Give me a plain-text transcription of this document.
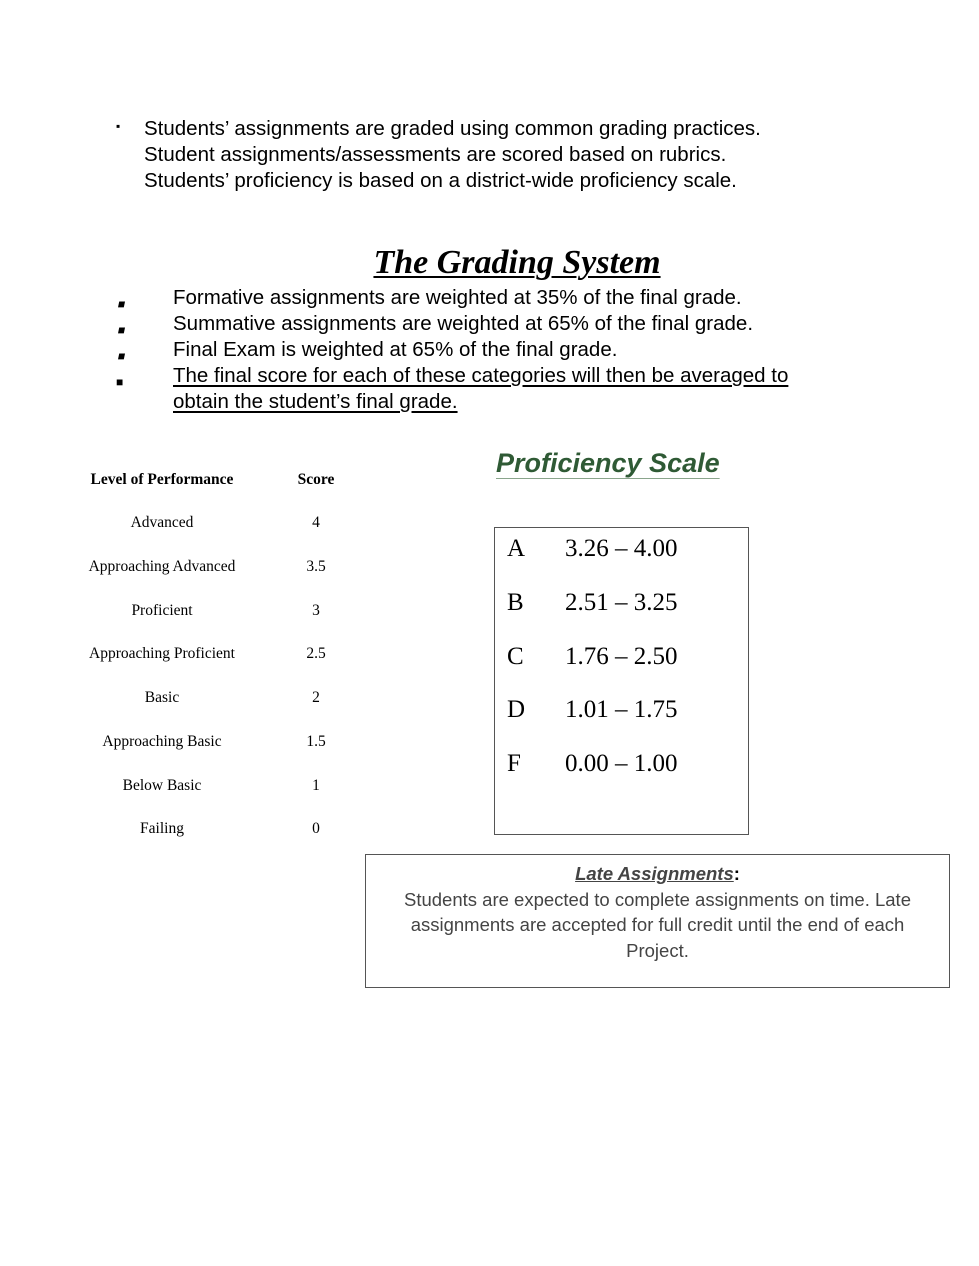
▪ Students’ assignments are graded using common grading practices.
Student assignments/assessments are scored based on rubrics.
Students’ proficiency is based on a district-wide proficiency scale.
The Grading System
■ Formative assignments are weighted at 35% of the final grade.
■ Summative assignments are weighted at 65% of the final grade.
■ Final Exam is weighted at 65% of the final grade.
■ The final score for each of these categories will then be averaged to
obtain the student’s final grade.
Level of Performance	Score
Advanced	4
Approaching Advanced	3.5
Proficient	3
Approaching Proficient	2.5
Basic	2
Approaching Basic	1.5
Below Basic	1
Failing	0
Proficiency Scale
A 3.26 – 4.00
B 2.51 – 3.25
C 1.76 – 2.50
D 1.01 – 1.75
F 0.00 – 1.00
Late Assignments:
Students are expected to complete assignments on time. Late
assignments are accepted for full credit until the end of each
Project.
